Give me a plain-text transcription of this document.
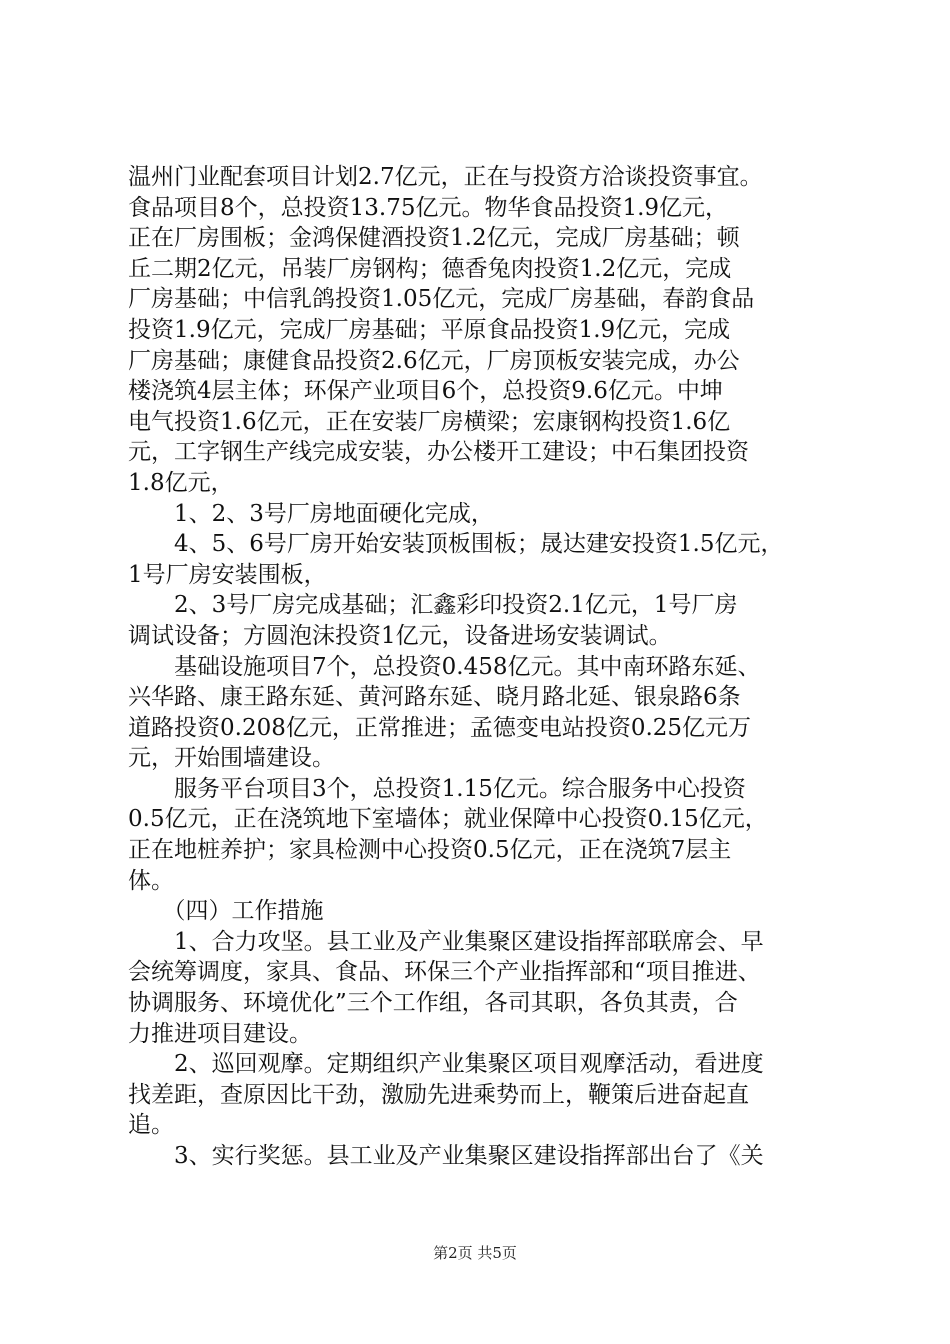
温州门业配套项目计划2.7亿元，正在与投资方洽谈投资事宜。
食品项目8个，总投资13.75亿元。物华食品投资1.9亿元，
正在厂房围板；金鸿保健酒投资1.2亿元，完成厂房基础；顿
丘二期2亿元，吊装厂房钢构；德香兔肉投资1.2亿元，完成
厂房基础；中信乳鸽投资1.05亿元，完成厂房基础，春韵食品
投资1.9亿元，完成厂房基础；平原食品投资1.9亿元，完成
厂房基础；康健食品投资2.6亿元，厂房顶板安装完成，办公
楼浇筑4层主体；环保产业项目6个，总投资9.6亿元。中坤
电气投资1.6亿元，正在安装厂房横梁；宏康钢构投资1.6亿
元，工字钢生产线完成安装，办公楼开工建设；中石集团投资
1.8亿元，
　　1、2、3号厂房地面硬化完成，
　　4、5、6号厂房开始安装顶板围板；晟达建安投资1.5亿元，
1号厂房安装围板，
　　2、3号厂房完成基础；汇鑫彩印投资2.1亿元，1号厂房
调试设备；方圆泡沫投资1亿元，设备进场安装调试。
　　基础设施项目7个，总投资0.458亿元。其中南环路东延、
兴华路、康王路东延、黄河路东延、晓月路北延、银泉路6条
道路投资0.208亿元，正常推进；孟德变电站投资0.25亿元万
元，开始围墙建设。
　　服务平台项目3个，总投资1.15亿元。综合服务中心投资
0.5亿元，正在浇筑地下室墙体；就业保障中心投资0.15亿元，
正在地桩养护；家具检测中心投资0.5亿元，正在浇筑7层主
体。
　　（四）工作措施
　　1、合力攻坚。县工业及产业集聚区建设指挥部联席会、早
会统筹调度，家具、食品、环保三个产业指挥部和“项目推进、
协调服务、环境优化”三个工作组，各司其职，各负其责，合
力推进项目建设。
　　2、巡回观摩。定期组织产业集聚区项目观摩活动，看进度
找差距，查原因比干劲，激励先进乘势而上，鞭策后进奋起直
追。
　　3、实行奖惩。县工业及产业集聚区建设指挥部出台了《关
第2页 共5页
